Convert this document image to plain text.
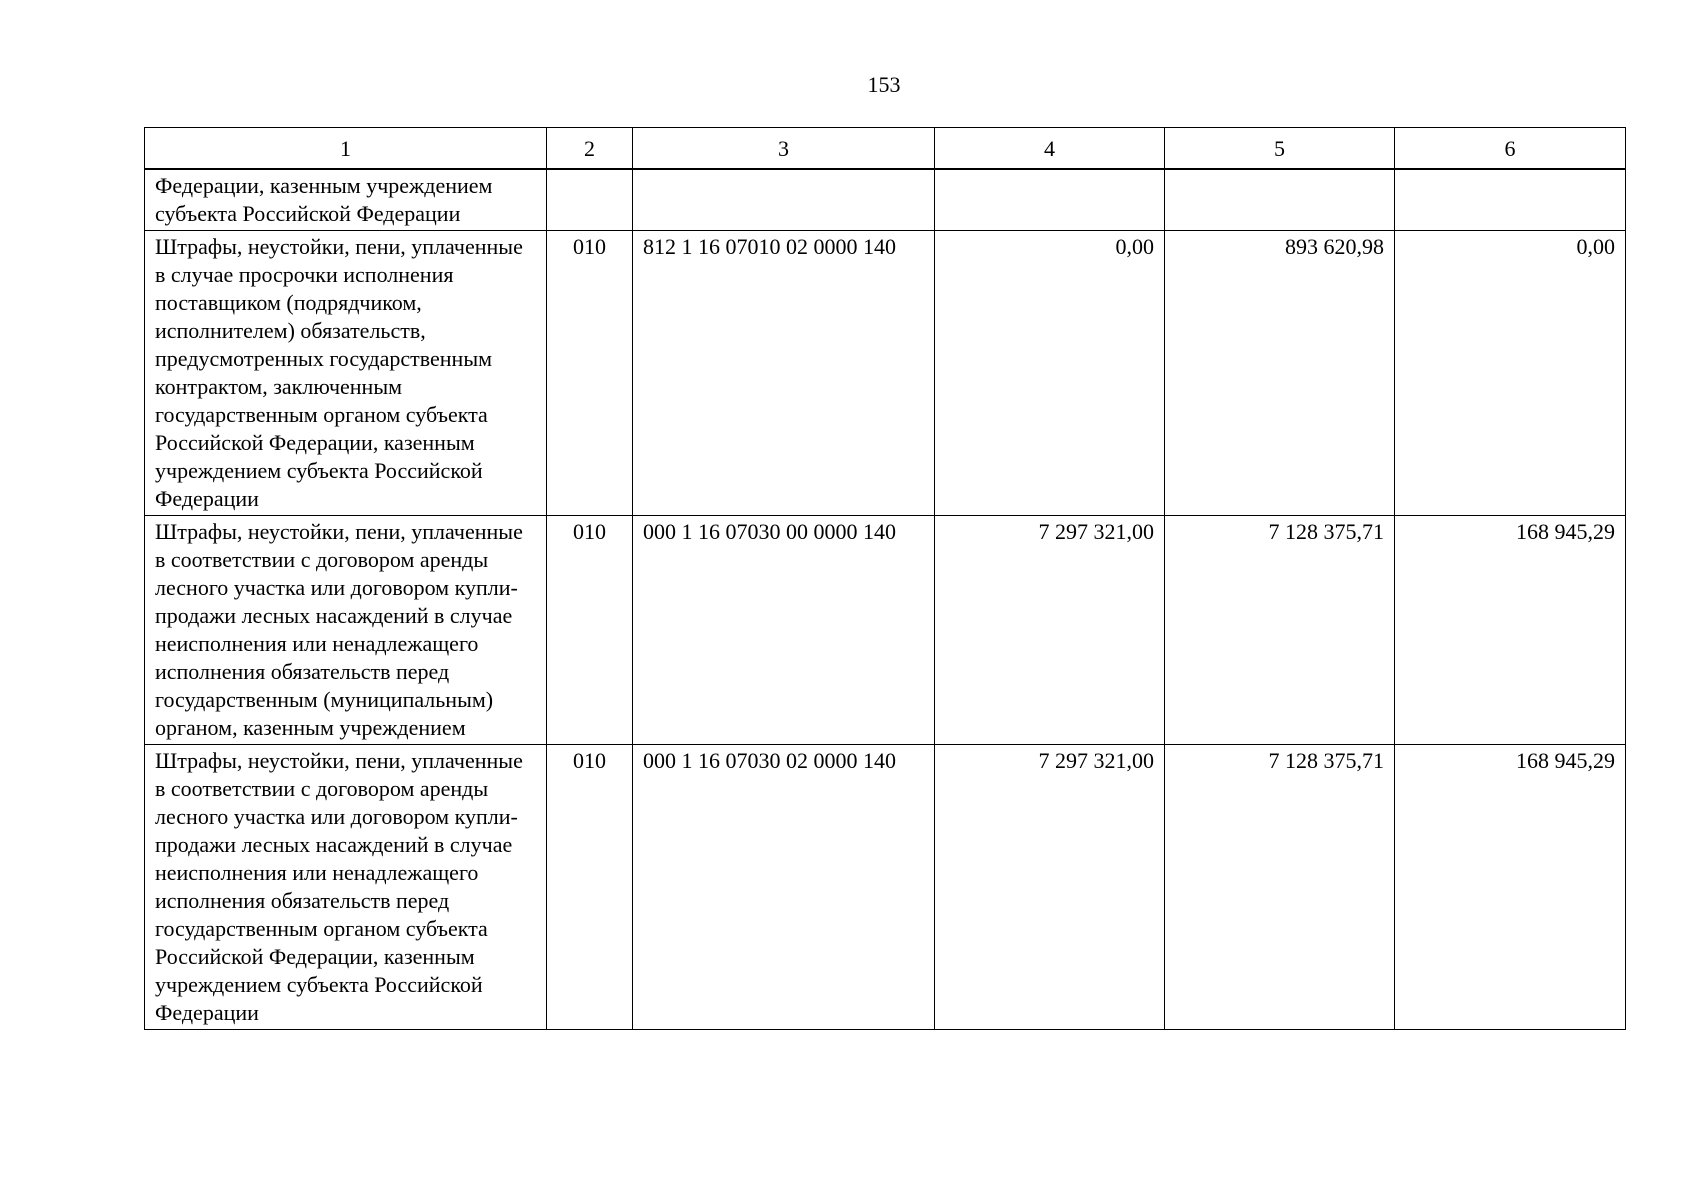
153
1	2	3	4	5	6
Федерации, казенным учреждением субъекта Российской Федерации					
Штрафы, неустойки, пени, уплаченные в случае просрочки исполнения поставщиком (подрядчиком, исполнителем) обязательств, предусмотренных государственным контрактом, заключенным государственным органом субъекта Российской Федерации, казенным учреждением субъекта Российской Федерации	010	812 1 16 07010 02 0000 140	0,00	893 620,98	0,00
Штрафы, неустойки, пени, уплаченные в соответствии с договором аренды лесного участка или договором купли-продажи лесных насаждений в случае неисполнения или ненадлежащего исполнения обязательств перед государственным (муниципальным) органом, казенным учреждением	010	000 1 16 07030 00 0000 140	7 297 321,00	7 128 375,71	168 945,29
Штрафы, неустойки, пени, уплаченные в соответствии с договором аренды лесного участка или договором купли-продажи лесных насаждений в случае неисполнения или ненадлежащего исполнения обязательств перед государственным органом субъекта Российской Федерации, казенным учреждением субъекта Российской Федерации	010	000 1 16 07030 02 0000 140	7 297 321,00	7 128 375,71	168 945,29
